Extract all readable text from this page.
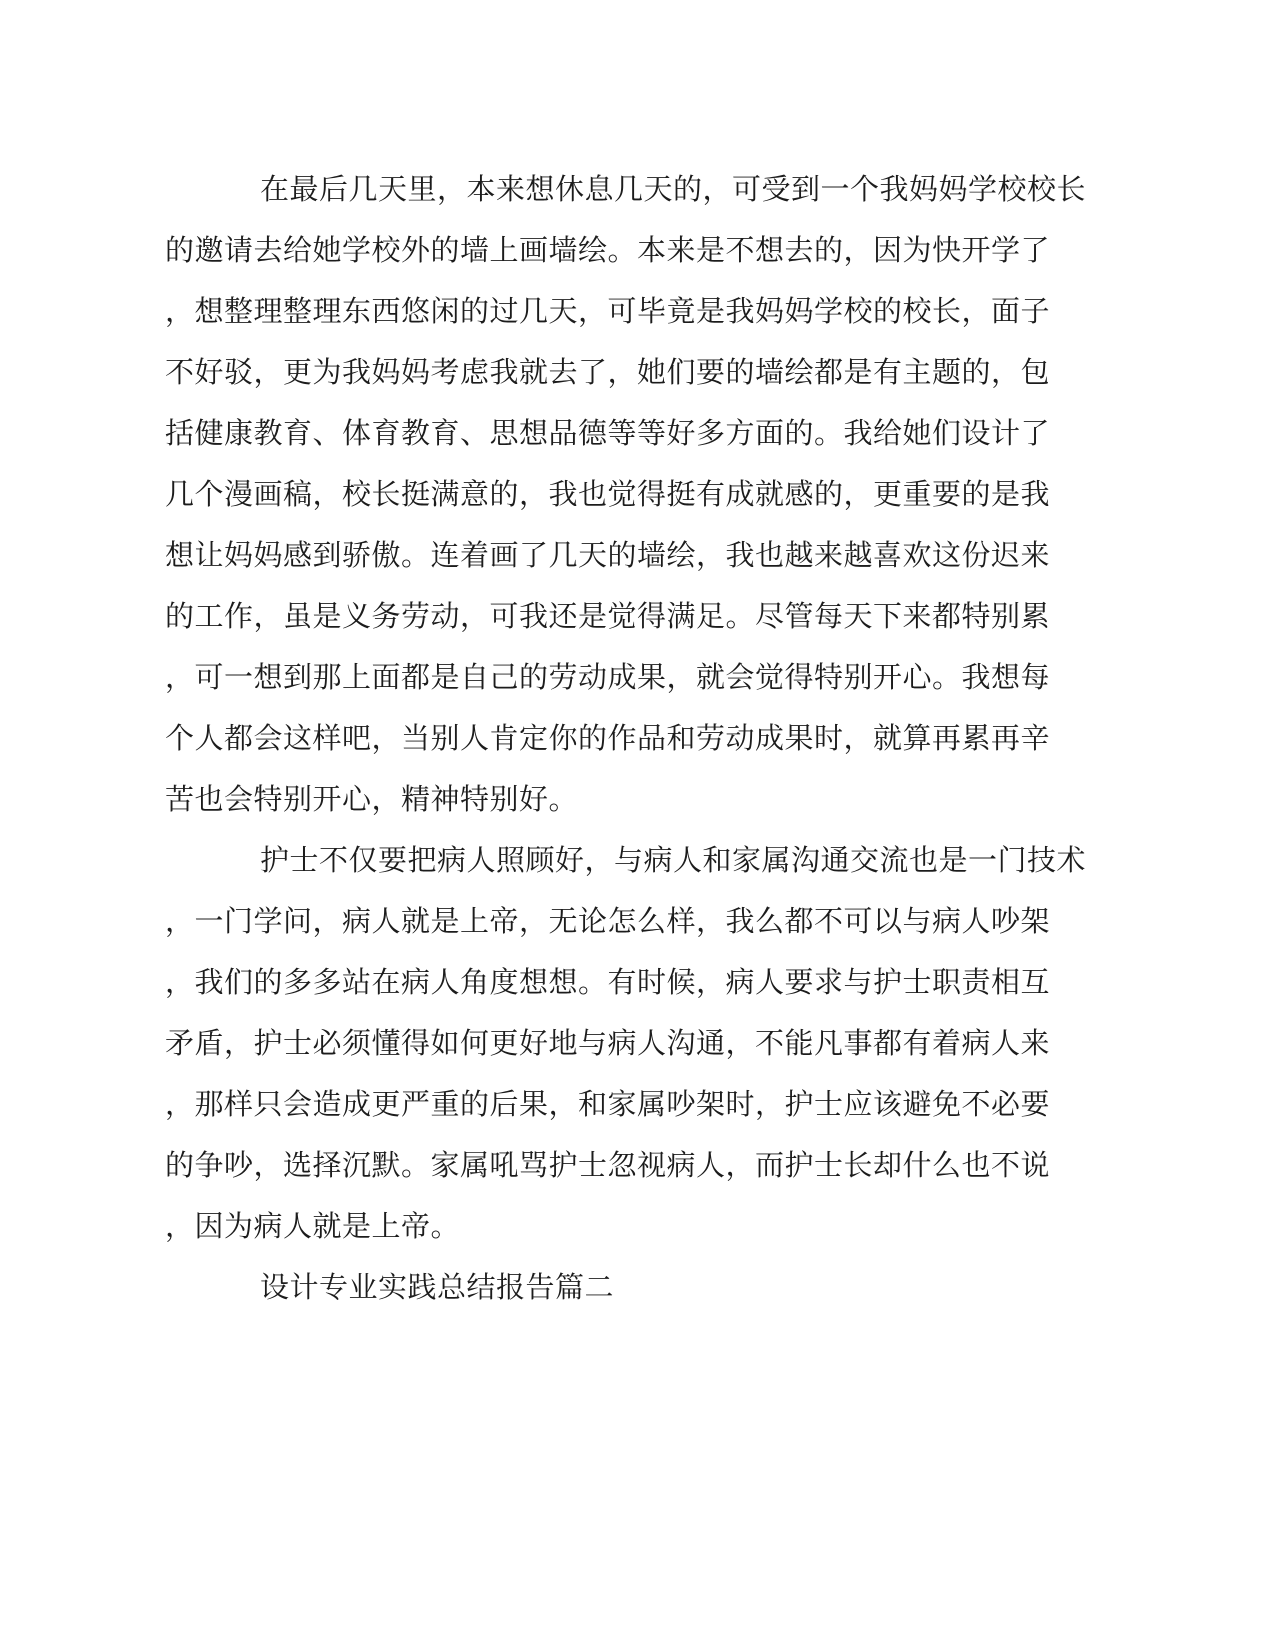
在最后几天里，本来想休息几天的，可受到一个我妈妈学校校长
的邀请去给她学校外的墙上画墙绘。本来是不想去的，因为快开学了
，想整理整理东西悠闲的过几天，可毕竟是我妈妈学校的校长，面子
不好驳，更为我妈妈考虑我就去了，她们要的墙绘都是有主题的，包
括健康教育、体育教育、思想品德等等好多方面的。我给她们设计了
几个漫画稿，校长挺满意的，我也觉得挺有成就感的，更重要的是我
想让妈妈感到骄傲。连着画了几天的墙绘，我也越来越喜欢这份迟来
的工作，虽是义务劳动，可我还是觉得满足。尽管每天下来都特别累
，可一想到那上面都是自己的劳动成果，就会觉得特别开心。我想每
个人都会这样吧，当别人肯定你的作品和劳动成果时，就算再累再辛
苦也会特别开心，精神特别好。
护士不仅要把病人照顾好，与病人和家属沟通交流也是一门技术
，一门学问，病人就是上帝，无论怎么样，我么都不可以与病人吵架
，我们的多多站在病人角度想想。有时候，病人要求与护士职责相互
矛盾，护士必须懂得如何更好地与病人沟通，不能凡事都有着病人来
，那样只会造成更严重的后果，和家属吵架时，护士应该避免不必要
的争吵，选择沉默。家属吼骂护士忽视病人，而护士长却什么也不说
，因为病人就是上帝。
设计专业实践总结报告篇二
